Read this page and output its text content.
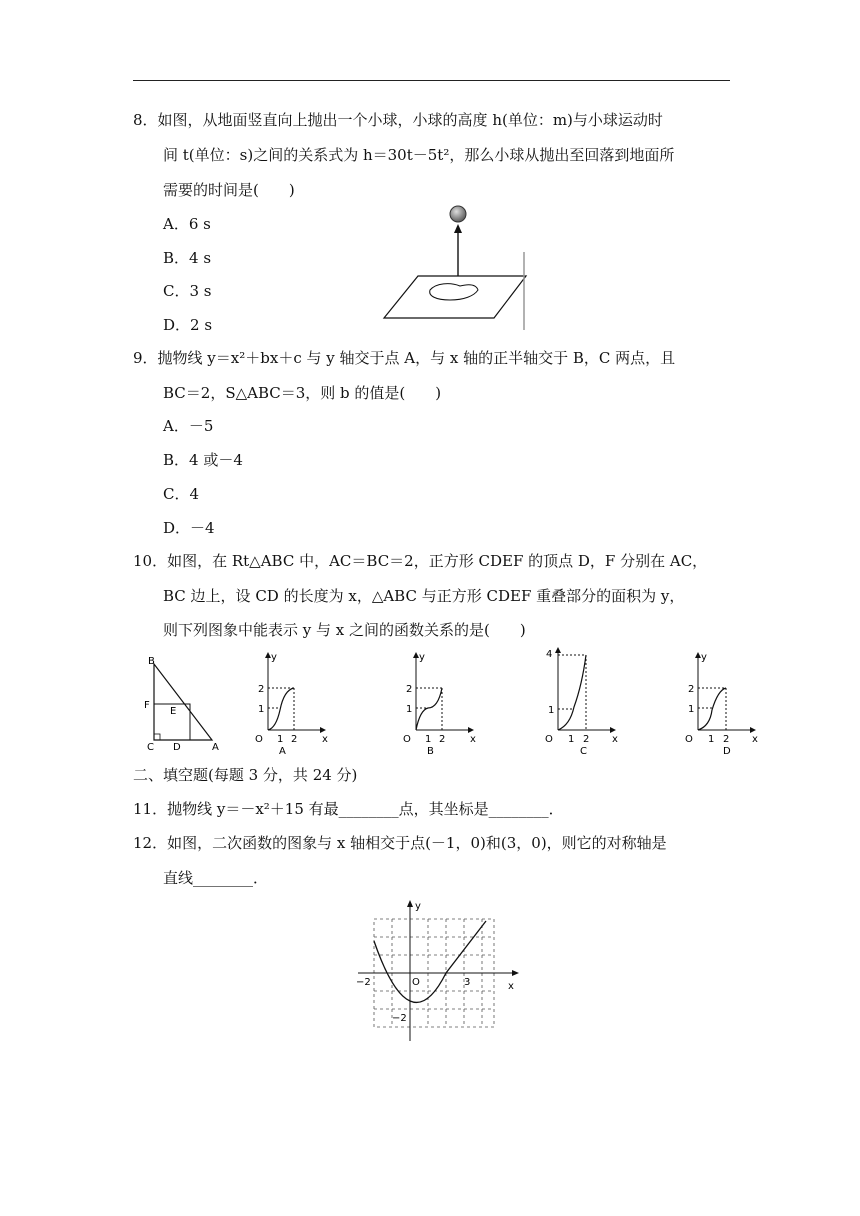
8．如图，从地面竖直向上抛出一个小球，小球的高度 h(单位：m)与小球运动时
间 t(单位：s)之间的关系式为 h＝30t－5t²，那么小球从抛出至回落到地面所
需要的时间是(　　)
A．6 s
B．4 s
C．3 s
D．2 s
9．抛物线 y＝x²＋bx＋c 与 y 轴交于点 A，与 x 轴的正半轴交于 B，C 两点，且
BC＝2，S△ABC＝3，则 b 的值是(　　)
A．－5
B．4 或－4
C．4
D．－4
10．如图，在 Rt△ABC 中，AC＝BC＝2，正方形 CDEF 的顶点 D，F 分别在 AC，
BC 边上，设 CD 的长度为 x，△ABC 与正方形 CDEF 重叠部分的面积为 y，
则下列图象中能表示 y 与 x 之间的函数关系的是(　　)
B
F
E
C D	A
y
x
O
2
1
1 2
A
y
x
O
2
1
1 2
B
4
x
O
1
1 2
C
y
x
O
2
1
1 2
D
二、填空题(每题 3 分，共 24 分)
11．抛物线 y＝－x²＋15 有最________点，其坐标是________．
12．如图，二次函数的图象与 x 轴相交于点(－1，0)和(3，0)，则它的对称轴是
直线________．
y
x
O
−2	3
−2
